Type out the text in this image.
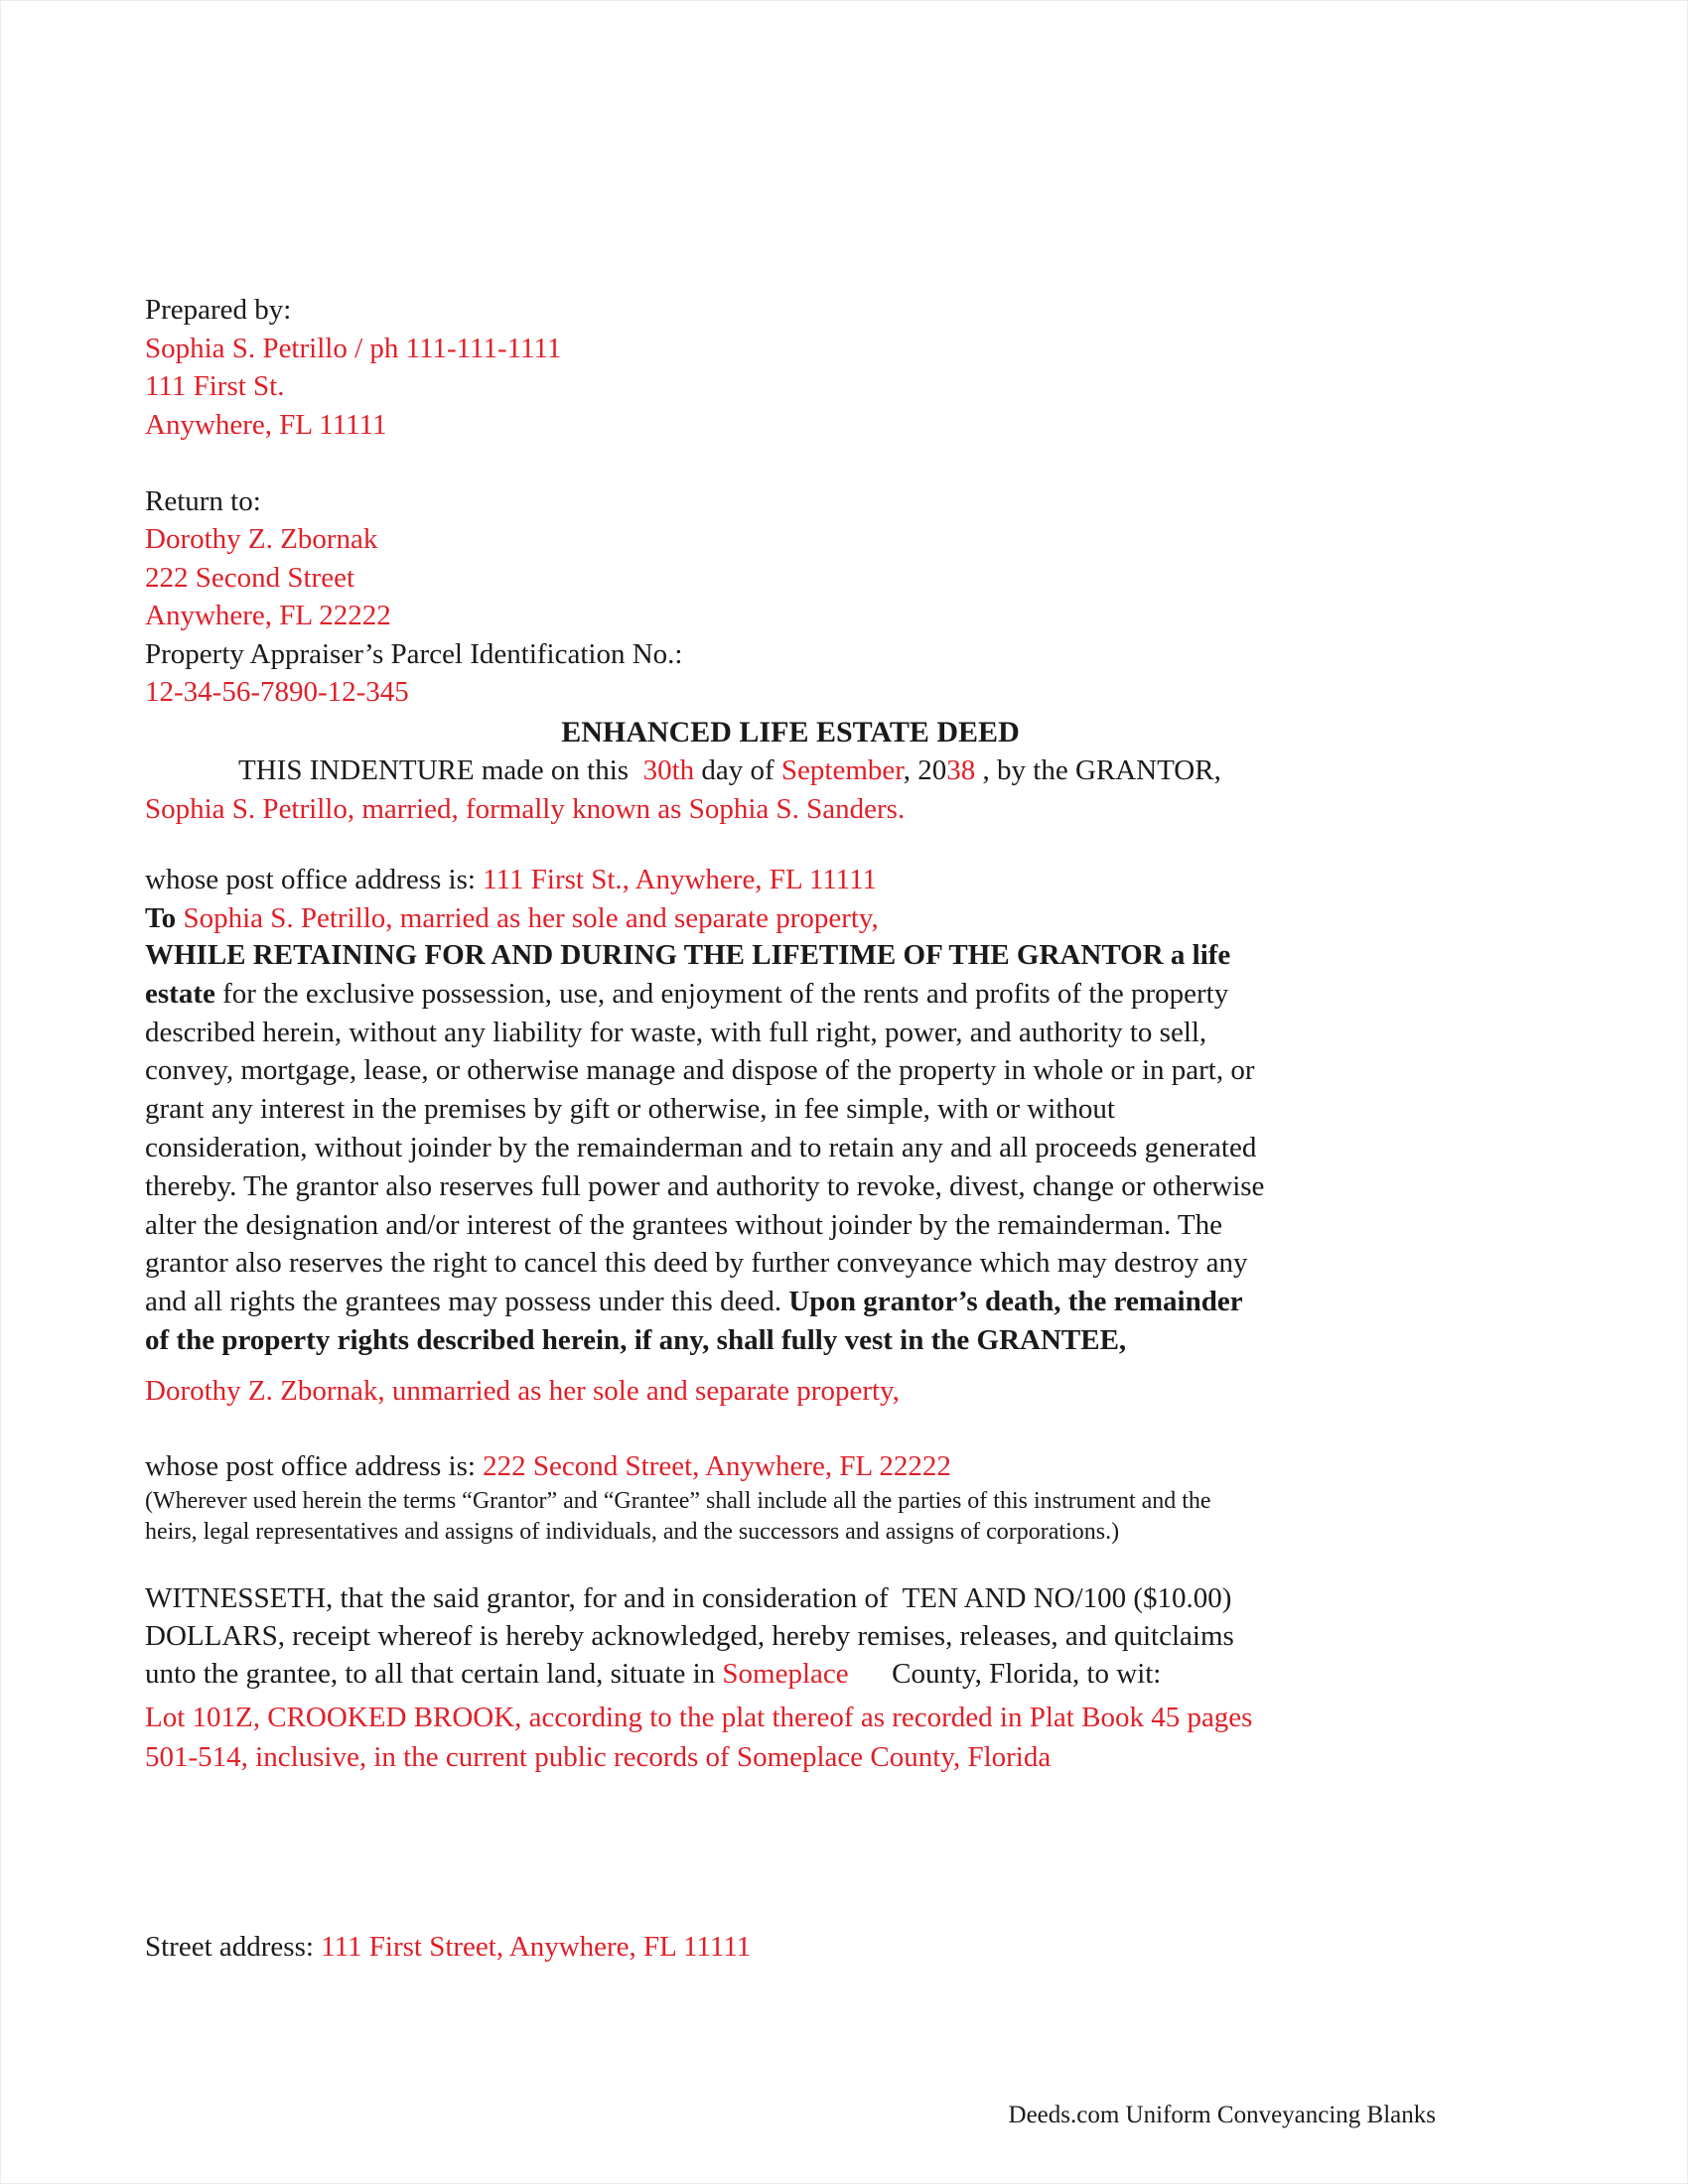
Prepared by:
Sophia S. Petrillo / ph 111-111-1111
111 First St.
Anywhere, FL 11111
Return to:
Dorothy Z. Zbornak
222 Second Street
Anywhere, FL 22222
Property Appraiser’s Parcel Identification No.:
12-34-56-7890-12-345
ENHANCED LIFE ESTATE DEED
THIS INDENTURE made on this  30th day of September, 2038 , by the GRANTOR,
Sophia S. Petrillo, married, formally known as Sophia S. Sanders.
whose post office address is: 111 First St., Anywhere, FL 11111
To Sophia S. Petrillo, married as her sole and separate property,
WHILE RETAINING FOR AND DURING THE LIFETIME OF THE GRANTOR a life
estate for the exclusive possession, use, and enjoyment of the rents and profits of the property
described herein, without any liability for waste, with full right, power, and authority to sell,
convey, mortgage, lease, or otherwise manage and dispose of the property in whole or in part, or
grant any interest in the premises by gift or otherwise, in fee simple, with or without
consideration, without joinder by the remainderman and to retain any and all proceeds generated
thereby. The grantor also reserves full power and authority to revoke, divest, change or otherwise
alter the designation and/or interest of the grantees without joinder by the remainderman. The
grantor also reserves the right to cancel this deed by further conveyance which may destroy any
and all rights the grantees may possess under this deed. Upon grantor’s death, the remainder
of the property rights described herein, if any, shall fully vest in the GRANTEE,
Dorothy Z. Zbornak, unmarried as her sole and separate property,
whose post office address is: 222 Second Street, Anywhere, FL 22222
(Wherever used herein the terms “Grantor” and “Grantee” shall include all the parties of this instrument and the
heirs, legal representatives and assigns of individuals, and the successors and assigns of corporations.)
WITNESSETH, that the said grantor, for and in consideration of  TEN AND NO/100 ($10.00)
DOLLARS, receipt whereof is hereby acknowledged, hereby remises, releases, and quitclaims
unto the grantee, to all that certain land, situate in Someplace      County, Florida, to wit:
Lot 101Z, CROOKED BROOK, according to the plat thereof as recorded in Plat Book 45 pages
501-514, inclusive, in the current public records of Someplace County, Florida
Street address: 111 First Street, Anywhere, FL 11111
Deeds.com Uniform Conveyancing Blanks
